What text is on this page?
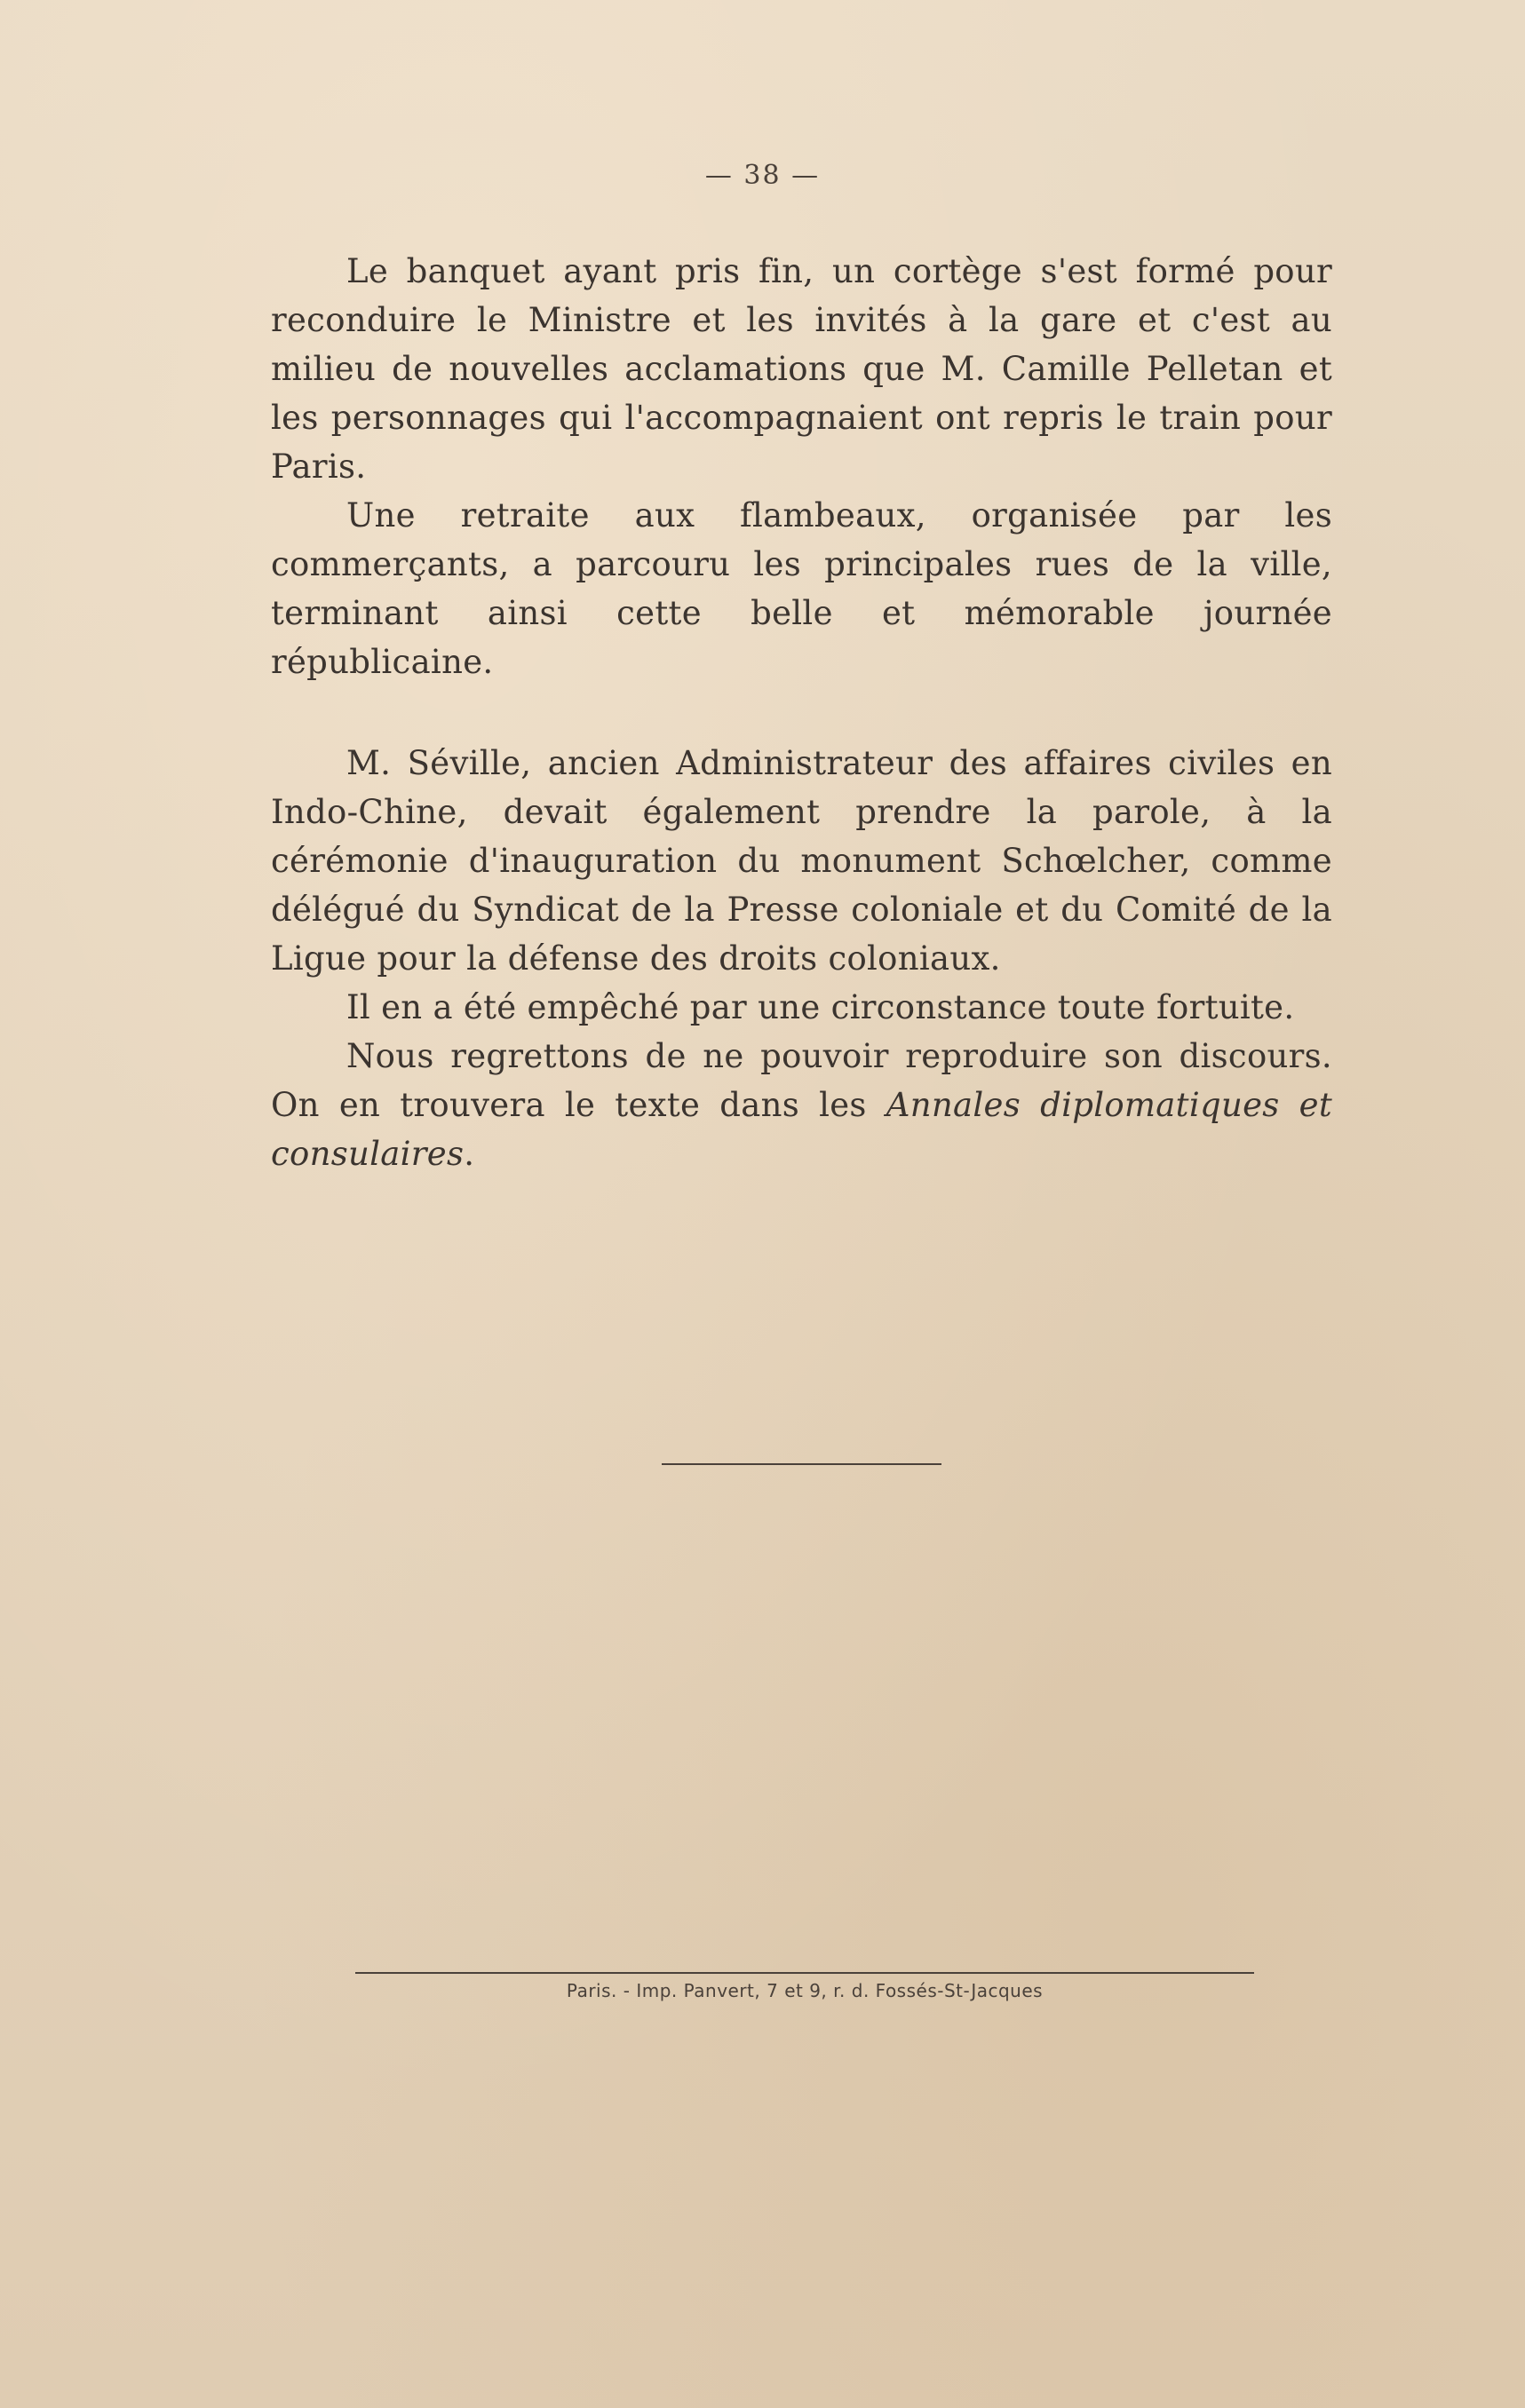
— 38 —

Le banquet ayant pris fin, un cortège s'est formé pour reconduire le Ministre et les invités à la gare et c'est au milieu de nouvelles acclamations que M. Camille Pelletan et les personnages qui l'accompagnaient ont repris le train pour Paris.

Une retraite aux flambeaux, organisée par les commerçants, a parcouru les principales rues de la ville, terminant ainsi cette belle et mémorable journée républicaine.

M. Séville, ancien Administrateur des affaires civiles en Indo-Chine, devait également prendre la parole, à la cérémonie d'inauguration du monument Schœlcher, comme délégué du Syndicat de la Presse coloniale et du Comité de la Ligue pour la défense des droits coloniaux.

Il en a été empêché par une circonstance toute fortuite.

Nous regrettons de ne pouvoir reproduire son discours. On en trouvera le texte dans les Annales diplomatiques et consulaires.

Paris. - Imp. Panvert, 7 et 9, r. d. Fossés-St-Jacques
